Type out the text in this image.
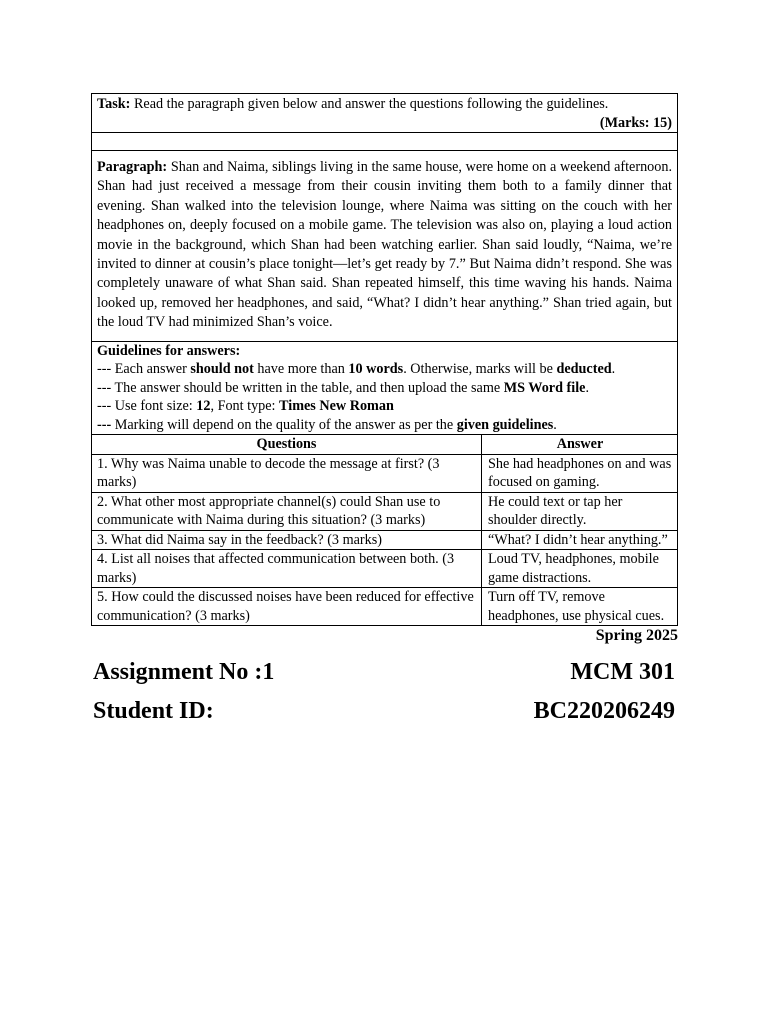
Task: Read the paragraph given below and answer the questions following the guidelines.
(Marks: 15)	

Paragraph: Shan and Naima, siblings living in the same house, were home on a weekend afternoon. Shan had just received a message from their cousin inviting them both to a family dinner that evening. Shan walked into the television lounge, where Naima was sitting on the couch with her headphones on, deeply focused on a mobile game. The television was also on, playing a loud action movie in the background, which Shan had been watching earlier. Shan said loudly, “Naima, we’re invited to dinner at cousin’s place tonight—let’s get ready by 7.” But Naima didn’t respond. She was completely unaware of what Shan said. Shan repeated himself, this time waving his hands. Naima looked up, removed her headphones, and said, “What? I didn’t hear anything.” Shan tried again, but the loud TV had minimized Shan’s voice.	

Guidelines for answers:
--- Each answer should not have more than 10 words. Otherwise, marks will be deducted.
--- The answer should be written in the table, and then upload the same MS Word file.
--- Use font size: 12, Font type: Times New Roman
--- Marking will depend on the quality of the answer as per the given guidelines.	

Questions	Answer
1. Why was Naima unable to decode the message at first? (3 marks)	She had headphones on and was focused on gaming.
2. What other most appropriate channel(s) could Shan use to communicate with Naima during this situation? (3 marks)	He could text or tap her shoulder directly.
3. What did Naima say in the feedback? (3 marks)	“What? I didn’t hear anything.”
4. List all noises that affected communication between both. (3 marks)	Loud TV, headphones, mobile game distractions.
5. How could the discussed noises have been reduced for effective communication? (3 marks)	Turn off TV, remove headphones, use physical cues.
Spring 2025
Assignment No :1	MCM 301
Student ID:	BC220206249
